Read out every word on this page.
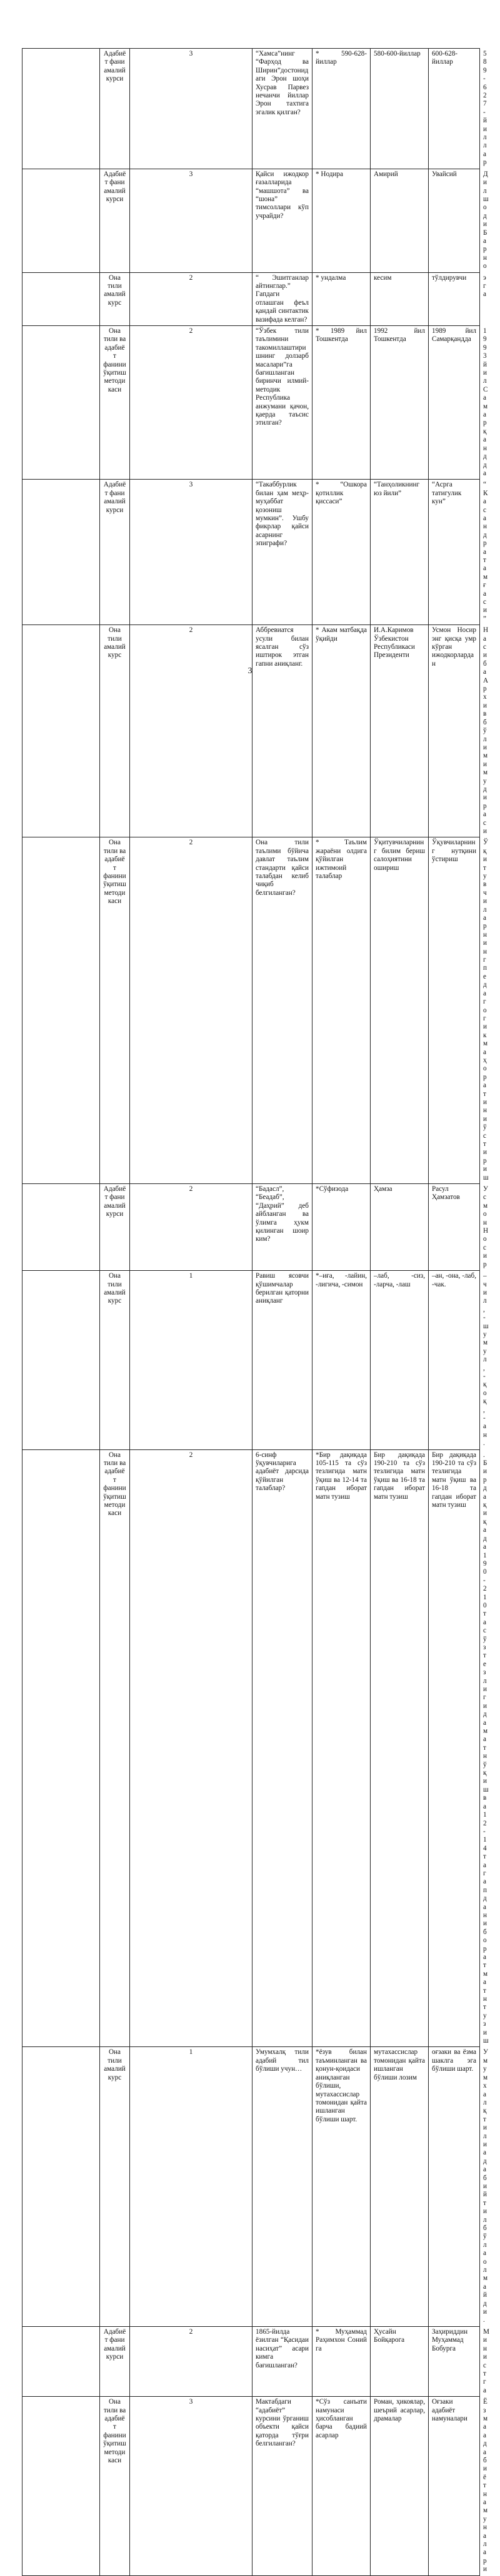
	Адабиёт фани амалий курси	3	“Хамса”нинг “Фарҳод ва Ширин”достонидаги Эрон шоҳи Хусрав Парвез неча​нчи йиллар Эрон тахтига эгалик қилган?	* 590-628-йиллар	580-600-йиллар	600-628-йиллар	589-627-йиллар
	Адабиёт фани амалий курси	3	Қайси ижодкор ғазалларида “машшота” ва “шона” тимсоллари кўп учрайди?	* Нодира	Амирий	Увайсий	Дилшоди Барно
	Она тили амалий курс	2	“ Эшитганлар айтинглар.” Гапдаги отлашган феъл қандай синтактик вазифада келган?	* ундалма	кесим	тўлдирувчи	эга
	Она тили ва адабиёт фанини ўқитиш методикаси	2	“Ўзбек тили таълимини такомиллаштиришнинг долзарб масалари”га бағишланган биринчи илмий-методик Республика анжумани қачон, қаерда таъсис этилган?	* 1989 йил Тошкентда	1992 йил Тошкентда	1989 йил Самарқандда	1993 йил Самарқандда
	Адабиёт фани амалий курси	3	“Такаббурлик билан ҳам меҳр-муҳаббат қозониш мумкин”. Ушбу фикрлар қайси асарнинг эпиграфи?	* “Ошкора қотиллик қиссаси”	“Танҳоликнинг юз йили”	“Асрга татигулик кун”	“Касандра тамғаси”
	Она тили амалий курс	2	Аббревиатся усули билан ясалган сўз иштирок этган гапни аниқланг.	* Акам матбақда ўқийди	И.А.Каримов Ўзбекистон Республикаси Президенти	Усмон Носир энг қисқа умр кўрган ижодкорларда н	Насиба Архив бўлими мудираси
	Она тили ва адабиёт фанини ўқитиш методикаси	2	Она тили таълими бўйича давлат таълим стандарти қайси талабдан келиб чиқиб белгиланган?	* Таълим жараёни олдига қўйилган ижтимоий талаблар	Ўқитувчиларнинг билим бериш салоҳиятини ошириш	Ўқувчиларнинг нутқини ўстириш	Ўқитувчиларнинг педагогик маҳоратини ўстириш
	Адабиёт фани амалий курси	2	“Бадасл”, “Беадаб”, “Даҳрий” деб айбланган ва ўлимга ҳукм қилинган шоир ким?	*Сўфизода	Ҳамза	Расул Ҳамзатов	Усмон Носир
	Она тили амалий курс	1	Равиш ясовчи қўшимчалар берилган қаторни аниқланг	*–иға, -лайин, -лигича, -симон	–лаб, -сиз, -ларча, -лаш	–ан, -она, -лаб, -чак.	–чил, -шумул, -қоқ, -ан.
	Она тили ва адабиёт фанини ўқитиш методикаси	2	6-синф ўқувчиларига адабиёт дарсида қўйилган талаблар?	*Бир дақиқада 105-115 та сўз тезлигида матн ўқиш ва 12-14 та гапдан иборат матн тузиш	Бир дақиқада 190-210 та сўз тезлигида матн ўқиш ва 16-18 та гапдан иборат матн тузиш	Бир дақиқада 190-210 та сўз тезлигида матн ўқиш ва 16-18 та гапдан иборат матн тузиш	. Бир дақиқада 190-210 та сўз тезлигида матн ўқиш ва 12-14 та гапдан иборат матн тузиш
	Она тили амалий курс	1	Умумхалқ тили адабий тил бўлиши учун…	*ёзув билан таъминланган ва қонун-қоидаси аниқланган бўлиши, мутахассислар томонидан қайта ишланган бўлиши шарт.	мутахассислар томонидан қайта ишланган бўлиши лозим	оғзаки ва ёзма шаклга эга бўлиши шарт.	Умумхалқ тили адабий тил бўла олмайди.
	Адабиёт фани амалий курси	2	1865-йилда ёзилган “Қасидаи насиҳат” асари кимга бағишланган?	* Муҳаммад Раҳимхон Соний​га	Ҳусайн Бойқарога	Заҳириддин Муҳаммад Бобурга	Министга
	Она тили ва адабиёт фанини ўқитиш методикаси	3	Мактабдаги “адабиёт” курсини ўрганиш объекти қайси қаторда тўғри белгиланган?	*Сўз санъати намунаси ҳисобланган барча бадиий асарлар	Роман, ҳикоялар, шеърий асарлар, драмалар	Оғзаки адабиёт намуналари	Ёзма адабиёт намуналари
3
